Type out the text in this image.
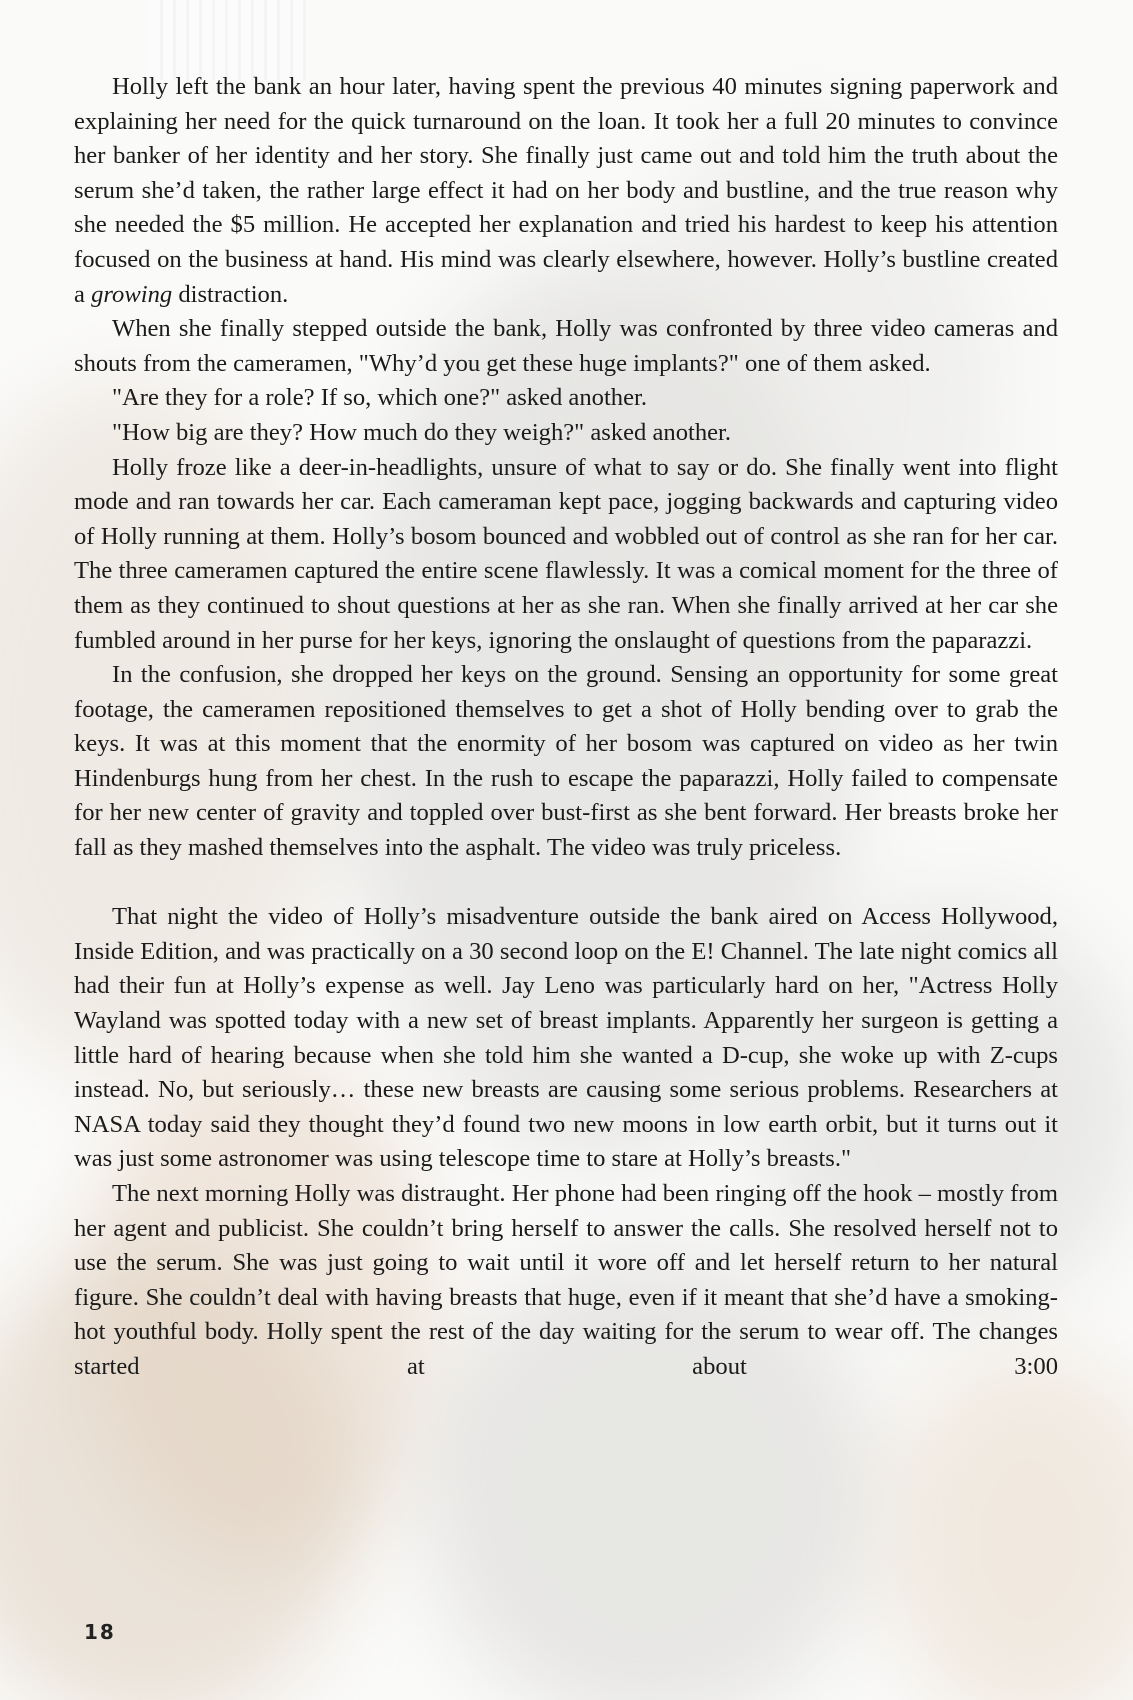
Holly left the bank an hour later, having spent the previous 40 minutes signing paperwork and explaining her need for the quick turnaround on the loan. It took her a full 20 minutes to convince her banker of her identity and her story. She finally just came out and told him the truth about the serum she’d taken, the rather large effect it had on her body and bustline, and the true reason why she needed the $5 million. He accepted her explanation and tried his hardest to keep his attention focused on the business at hand. His mind was clearly elsewhere, however. Holly’s bustline created a growing distraction.

When she finally stepped outside the bank, Holly was confronted by three video cameras and shouts from the cameramen, "Why’d you get these huge implants?" one of them asked.

"Are they for a role? If so, which one?" asked another.

"How big are they? How much do they weigh?" asked another.

Holly froze like a deer-in-headlights, unsure of what to say or do. She finally went into flight mode and ran towards her car. Each cameraman kept pace, jogging backwards and capturing video of Holly running at them. Holly’s bosom bounced and wobbled out of control as she ran for her car. The three cameramen captured the entire scene flawlessly. It was a comical moment for the three of them as they continued to shout questions at her as she ran. When she finally arrived at her car she fumbled around in her purse for her keys, ignoring the onslaught of questions from the paparazzi.

In the confusion, she dropped her keys on the ground. Sensing an opportunity for some great footage, the cameramen repositioned themselves to get a shot of Holly bending over to grab the keys. It was at this moment that the enormity of her bosom was captured on video as her twin Hindenburgs hung from her chest. In the rush to escape the paparazzi, Holly failed to compensate for her new center of gravity and toppled over bust-first as she bent forward. Her breasts broke her fall as they mashed themselves into the asphalt. The video was truly priceless.

That night the video of Holly’s misadventure outside the bank aired on Access Hollywood, Inside Edition, and was practically on a 30 second loop on the E! Channel. The late night comics all had their fun at Holly’s expense as well. Jay Leno was particularly hard on her, "Actress Holly Wayland was spotted today with a new set of breast implants. Apparently her surgeon is getting a little hard of hearing because when she told him she wanted a D-cup, she woke up with Z-cups instead. No, but seriously… these new breasts are causing some serious problems. Researchers at NASA today said they thought they’d found two new moons in low earth orbit, but it turns out it was just some astronomer was using telescope time to stare at Holly’s breasts."

The next morning Holly was distraught. Her phone had been ringing off the hook – mostly from her agent and publicist. She couldn’t bring herself to answer the calls. She resolved herself not to use the serum. She was just going to wait until it wore off and let herself return to her natural figure. She couldn’t deal with having breasts that huge, even if it meant that she’d have a smoking-hot youthful body. Holly spent the rest of the day waiting for the serum to wear off. The changes started at about 3:00

18
